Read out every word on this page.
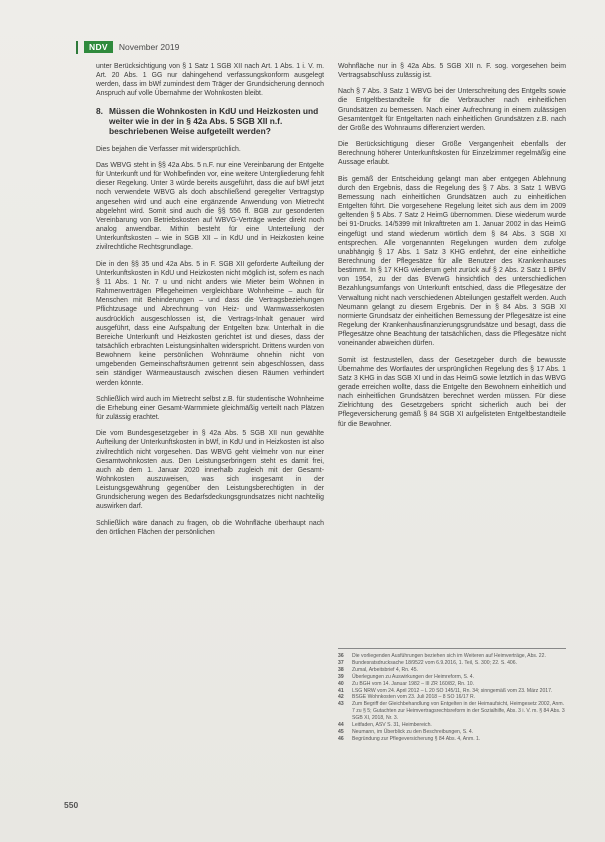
NDV	November 2019

unter Berücksichtigung von § 1 Satz 1 SGB XII nach Art. 1 Abs. 1 i. V. m. Art. 20 Abs. 1 GG nur dahingehend verfassungskonform ausgelegt werden, dass im bWf zumindest dem Träger der Grundsicherung dennoch Anspruch auf volle Übernahme der Wohnkosten bleibt.

8. Müssen die Wohnkosten in KdU und Heizkosten und weiter wie in der in § 42a Abs. 5 SGB XII n.f. beschriebenen Weise aufgeteilt werden?

Dies bejahen die Verfasser mit widersprüchlich.

Das WBVG steht in §§ 42a Abs. 5 n.F. nur eine Vereinbarung der Entgelte für Unterkunft und für Wohlbefinden vor, eine weitere Untergliederung fehlt dieser Regelung. Unter 3 würde bereits ausgeführt, dass die auf bWf jetzt noch verwendete WBVG als doch abschließend geregelter Vertragstyp angesehen wird und auch eine ergänzende Anwendung von Mietrecht abgelehnt wird. Somit sind auch die §§ 556 ff. BGB zur gesonderten Vereinbarung von Betriebskosten auf WBVG-Verträge weder direkt noch analog anwendbar. Mithin besteht für eine Unterteilung der Unterkunftskosten – wie in SGB XII – in KdU und in Heizkosten keine zivilrechtliche Rechtsgrundlage.

Die in den §§ 35 und 42a Abs. 5 in F. SGB XII geforderte Aufteilung der Unterkunftskosten in KdU und Heizkosten nicht möglich ist, sofern es nach § 11 Abs. 1 Nr. 7 u und nicht anders wie Mieter beim Wohnen in Rahmenverträgen Pflegeheimen vergleichbare Wohnheime – auch für Menschen mit Behinderungen – und dass die Vertragsbeziehungen Pflichtzusage und Abrechnung von Heiz- und Warmwasserkosten ausdrücklich ausgeschlossen ist, die Vertrags-Inhalt genauer wird ausgeführt, dass eine Aufspaltung der Entgelten bzw. Unterhalt in die Bereiche Unterkunft und Heizkosten gerichtet ist und dieses, dass der tatsächlich erbrachten Leistungsinhalten widerspricht. Drittens wurden von Bewohnern keine persönlichen Wohnräume ohnehin nicht von umgebenden Gemeinschaftsräumen getrennt sein abgeschlossen, dass sein ständiger Wärmeaustausch zwischen diesen Räumen verhindert werden könnte.

Schließlich wird auch im Mietrecht selbst z.B. für studentische Wohnheime die Erhebung einer Gesamt-Warmmiete gleichmäßig verteilt nach Plätzen für zulässig erachtet.

Die vom Bundesgesetzgeber in § 42a Abs. 5 SGB XII nun gewählte Aufteilung der Unterkunftskosten in bWf, in KdU und in Heizkosten ist also zivilrechtlich nicht vorgesehen. Das WBVG geht vielmehr von nur einer Gesamtwohnkosten aus. Den Leistungserbringern steht es damit frei, auch ab dem 1. Januar 2020 innerhalb zugleich mit der Gesamt-Wohnkosten auszuweisen, was sich insgesamt in der Leistungsgewährung gegenüber den Leistungsberechtigten in der Grundsicherung wegen des Bedarfsdeckungsgrundsatzes nicht nachteilig auswirken darf.

Schließlich wäre danach zu fragen, ob die Wohnfläche überhaupt nach den örtlichen Flächen der persönlichen

Wohnfläche nur in § 42a Abs. 5 SGB XII n. F. sog. vorgesehen beim Vertragsabschluss zulässig ist.

Nach § 7 Abs. 3 Satz 1 WBVG bei der Unterschreitung des Entgelts sowie die Entgeltbestandteile für die Verbraucher nach einheitlichen Grundsätzen zu bemessen. Nach einer Aufrechnung in einem zulässigen Gesamtentgelt für Entgeltarten nach einheitlichen Grundsätzen z.B. nach der Größe des Wohnraums differenziert werden.

Die Berücksichtigung dieser Größe Vergangenheit ebenfalls der Berechnung höherer Unterkunftskosten für Einzelzimmer regelmäßig eine Aussage erlaubt.

Bis gemäß der Entscheidung gelangt man aber entgegen Ablehnung durch den Ergebnis, dass die Regelung des § 7 Abs. 3 Satz 1 WBVG Bemessung nach einheitlichen Grundsätzen auch zu einheitlichen Entgelten führt. Die vorgesehene Regelung leitet sich aus dem im 2009 geltenden § 5 Abs. 7 Satz 2 HeimG übernommen. Diese wiederum wurde bei 91-Drucks. 14/5399 mit Inkrafttreten am 1. Januar 2002 in das HeimG eingefügt und stand wiederum wörtlich dem § 84 Abs. 3 SGB XI entsprechen. Alle vorgenannten Regelungen wurden dem zufolge unabhängig § 17 Abs. 1 Satz 3 KHG entlehnt, der eine einheitliche Berechnung der Pflegesätze für alle Benutzer des Krankenhauses bestimmt. In § 17 KHG wiederum geht zurück auf § 2 Abs. 2 Satz 1 BPflV von 1954, zu der das BVerwG hinsichtlich des unterschiedlichen Bezahlungsumfangs von Unterkunft entschied, dass die Pflegesätze der Verwaltung nicht nach verschiedenen Abteilungen gestaffelt werden. Auch Neumann gelangt zu diesem Ergebnis. Der in § 84 Abs. 3 SGB XI normierte Grundsatz der einheitlichen Bemessung der Pflegesätze ist eine Regelung der Krankenhausfinanzierungsgrundsätze und besagt, dass die Pflegesätze ohne Beachtung der tatsächlichen, dass die Pflegesätze nicht voneinander abweichen dürfen.

Somit ist festzustellen, dass der Gesetzgeber durch die bewusste Übernahme des Wortlautes der ursprünglichen Regelung des § 17 Abs. 1 Satz 3 KHG in das SGB XI und in das HeimG sowie letztlich in das WBVG gerade erreichen wollte, dass die Entgelte den Bewohnern einheitlich und nach einheitlichen Grundsätzen berechnet werden müssen. Für diese Zielrichtung des Gesetzgebers spricht sicherlich auch bei der Pflegeversicherung gemäß § 84 SGB XI aufgelisteten Entgeltbestandteile für die Bewohner.

36	Die vorliegenden Ausführungen beziehen sich im Weiteren auf Heimverträge, Abs. 22.
37	Bundesratsdrucksache 18/9522 vom 6.9.2016, 1. Teil, S. 300; 22. S. 406.
38	Zumal, Arbeitsbrief 4, Rn. 45.
39	Überlegungen zu Auswirkungen der Heimreform, S. 4.
40	Zu BGH vom 14. Januar 1982 – III ZR 160/82, Rn. 10.
41	LSG NRW vom 24. April 2012 – L 20 SO 145/11, Rn. 34; sinngemäß vom 23. März 2017.
42	BSGE Wohnkosten vom 23. Juli 2018 – 8 SO 16/17 R.
43	Zum Begriff der Gleichbehandlung von Entgelten in der Heimaufsicht, Heimgesetz 2002, Anm. 7 zu § 5; Gutachten zur Heimvertragsrechtsreform in der Sozialhilfe, Abs. 3 i. V. m. § 84 Abs. 3 SGB XI, 2018, Nr. 3.
44	Leitfaden, ASV S. 31, Heimbereich.
45	Neumann, im Überblick zu den Beschreibungen, S. 4.
46	Begründung zur Pflegeversicherung § 84 Abs. 4, Anm. 1.
550
